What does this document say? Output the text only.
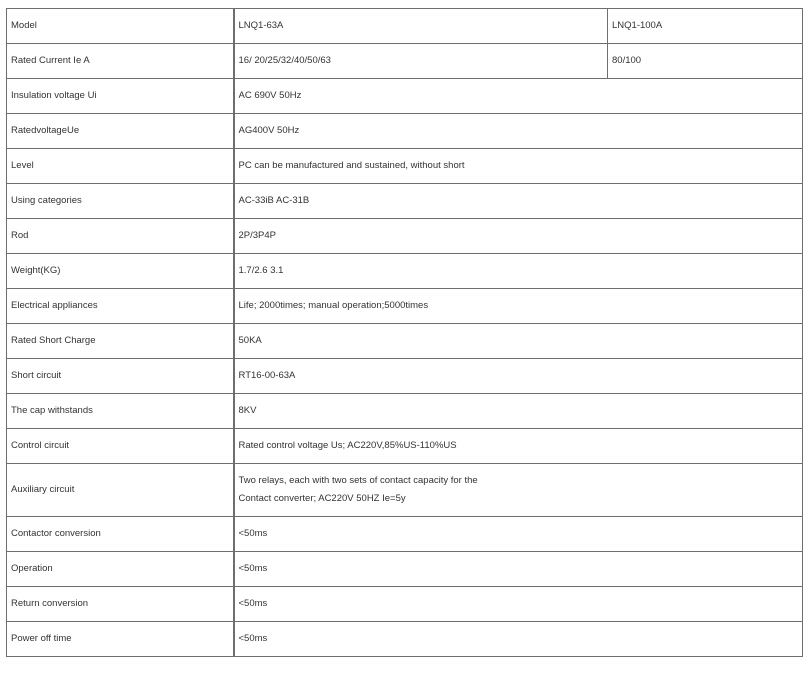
Model	LNQ1-63A	LNQ1-100A
Rated Current Ie A	16/ 20/25/32/40/50/63	80/100
Insulation voltage Ui	AC 690V 50Hz	
RatedvoltageUe	AG400V 50Hz	
Level	PC can be manufactured and sustained, without short	
Using categories	AC-33iB AC-31B	
Rod	2P/3P4P	
Weight(KG)	1.7/2.6 3.1	
Electrical appliances	Life; 2000times; manual operation;5000times	
Rated Short Charge	50KA	
Short circuit	RT16-00-63A	
The cap withstands	8KV	
Control circuit	Rated control voltage Us; AC220V,85%US-110%US	
Auxiliary circuit	Two relays, each with two sets of contact capacity for the
Contact converter; AC220V 50HZ Ie=5y	

Contactor conversion	<50ms	
Operation	<50ms	
Return conversion	<50ms	
Power off time	<50ms	
